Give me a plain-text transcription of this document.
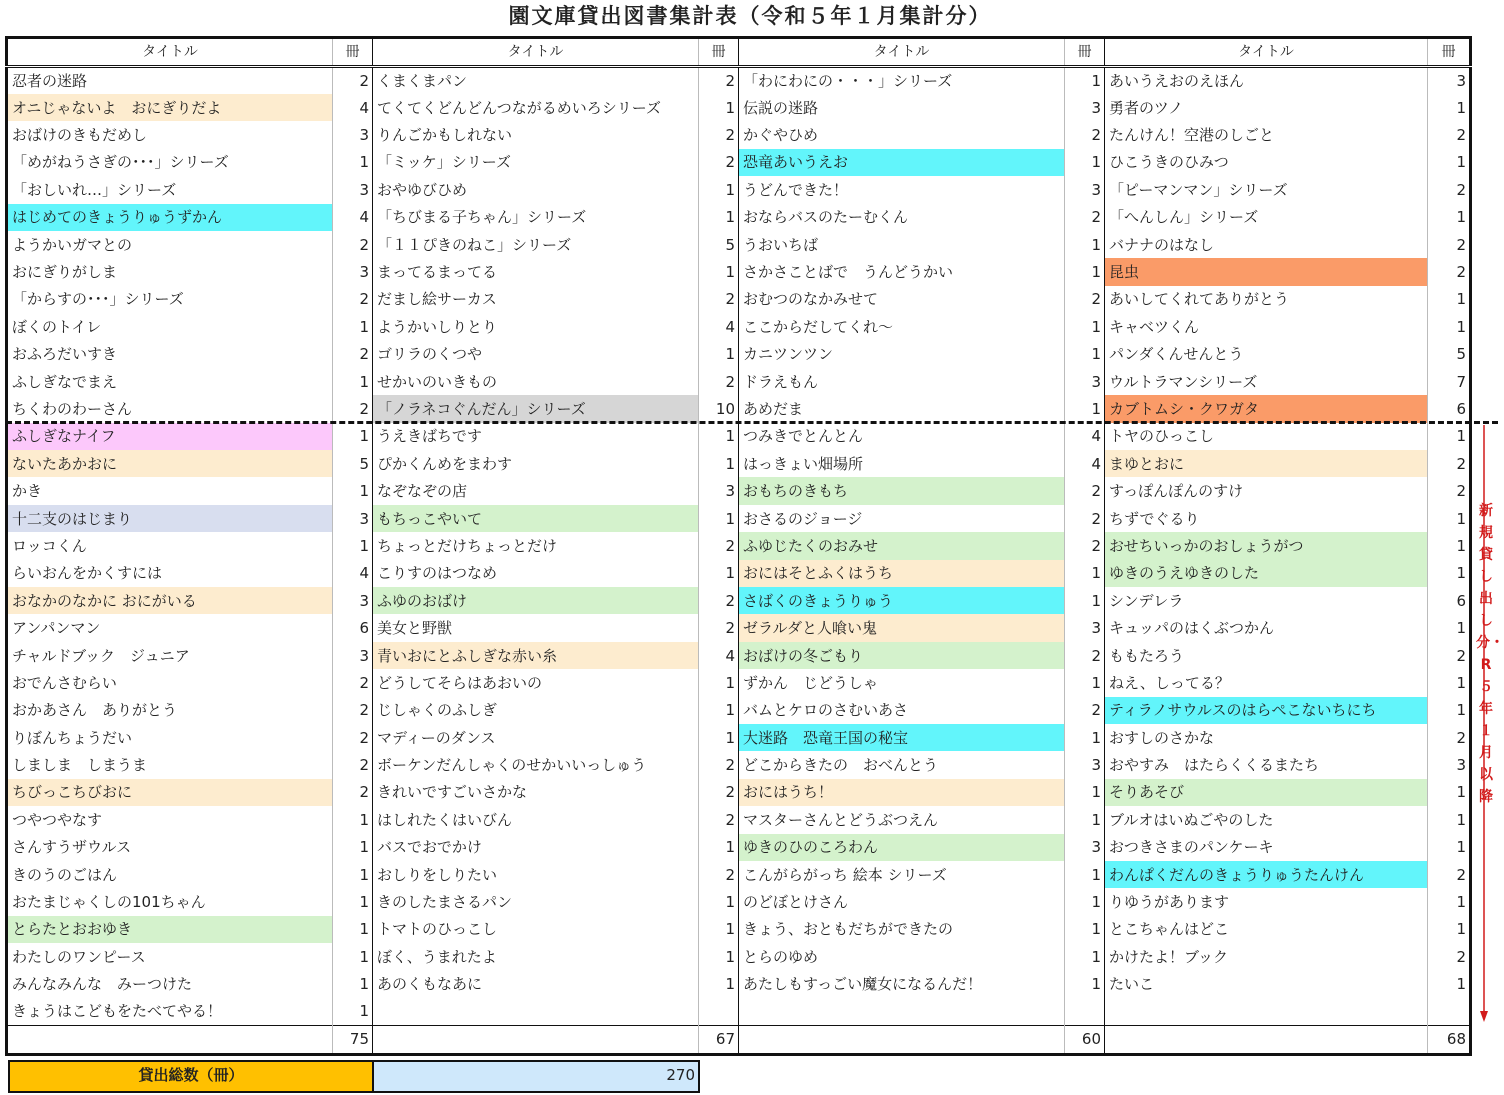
園文庫貸出図書集計表（令和５年１月集計分）
タイトル	冊	タイトル	冊	タイトル	冊	タイトル	冊
忍者の迷路	2	くまくまパン	2	「わにわにの・・・」シリーズ	1	あいうえおのえほん	3
オニじゃないよ　おにぎりだよ	4	てくてくどんどんつながるめいろシリーズ	1	伝説の迷路	3	勇者のツノ	1
おばけのきもだめし	3	りんごかもしれない	2	かぐやひめ	2	たんけん！空港のしごと	2
「めがねうさぎの･･･」シリーズ	1	「ミッケ」シリーズ	2	恐竜あいうえお	1	ひこうきのひみつ	1
「おしいれ…」シリーズ	3	おやゆびひめ	1	うどんできた！	3	「ピーマンマン」シリーズ	2
はじめてのきょうりゅうずかん	4	「ちびまる子ちゃん」シリーズ	1	おならバスのたーむくん	2	「へんしん」シリーズ	1
ようかいガマとの	2	「１１ぴきのねこ」シリーズ	5	うおいちば	1	バナナのはなし	2
おにぎりがしま	3	まってるまってる	1	さかさことばで　うんどうかい	1	昆虫	2
「からすの･･･」シリーズ	2	だまし絵サーカス	2	おむつのなかみせて	2	あいしてくれてありがとう	1
ぼくのトイレ	1	ようかいしりとり	4	ここからだしてくれ～	1	キャベツくん	1
おふろだいすき	2	ゴリラのくつや	1	カニツンツン	1	パンダくんせんとう	5
ふしぎなでまえ	1	せかいのいきもの	2	ドラえもん	3	ウルトラマンシリーズ	7
ちくわのわーさん	2	「ノラネコぐんだん」シリーズ	10	あめだま	1	カブトムシ・クワガタ	6
ふしぎなナイフ	1	うえきばちです	1	つみきでとんとん	4	トヤのひっこし	1
ないたあかおに	5	ぴかくんめをまわす	1	はっきょい畑場所	4	まゆとおに	2
かき	1	なぞなぞの店	3	おもちのきもち	2	すっぽんぽんのすけ	2
十二支のはじまり	3	もちっこやいて	1	おさるのジョージ	2	ちずでぐるり	1
ロッコくん	1	ちょっとだけちょっとだけ	2	ふゆじたくのおみせ	2	おせちいっかのおしょうがつ	1
らいおんをかくすには	4	こりすのはつなめ	1	おにはそとふくはうち	1	ゆきのうえゆきのした	1
おなかのなかに おにがいる	3	ふゆのおばけ	2	さばくのきょうりゅう	1	シンデレラ	6
アンパンマン	6	美女と野獣	2	ゼラルダと人喰い鬼	3	キュッパのはくぶつかん	1
チャルドブック　ジュニア	3	青いおにとふしぎな赤い糸	4	おばけの冬ごもり	2	ももたろう	2
おでんさむらい	2	どうしてそらはあおいの	1	ずかん　じどうしゃ	1	ねえ、しってる？	1
おかあさん　ありがとう	2	じしゃくのふしぎ	1	バムとケロのさむいあさ	2	ティラノサウルスのはらぺこないちにち	1
りぼんちょうだい	2	マディーのダンス	1	大迷路　恐竜王国の秘宝	1	おすしのさかな	2
しましま　しまうま	2	ボーケンだんしゃくのせかいいっしゅう	2	どこからきたの　おべんとう	3	おやすみ　はたらくくるまたち	3
ちびっこちびおに	2	きれいですごいさかな	2	おにはうち！	1	そりあそび	1
つやつやなす	1	はしれたくはいびん	2	マスターさんとどうぶつえん	1	ブルオはいぬごやのした	1
さんすうザウルス	1	バスでおでかけ	1	ゆきのひのころわん	3	おつきさまのパンケーキ	1
きのうのごはん	1	おしりをしりたい	2	こんがらがっち 絵本 シリーズ	1	わんぱくだんのきょうりゅうたんけん	2
おたまじゃくしの101ちゃん	1	きのしたまさるパン	1	のどぼとけさん	1	りゆうがあります	1
とらたとおおゆき	1	トマトのひっこし	1	きょう、おともだちができたの	1	とこちゃんはどこ	1
わたしのワンピース	1	ぼく、うまれたよ	1	とらのゆめ	1	かけたよ！ブック	2
みんなみんな　みーつけた	1	あのくもなあに	1	あたしもすっごい魔女になるんだ！	1	たいこ	1
きょうはこどもをたべてやる！	1						
	75		67		60		68
新規貸し出し分・R５年１月以降
貸出総数（冊）	270
